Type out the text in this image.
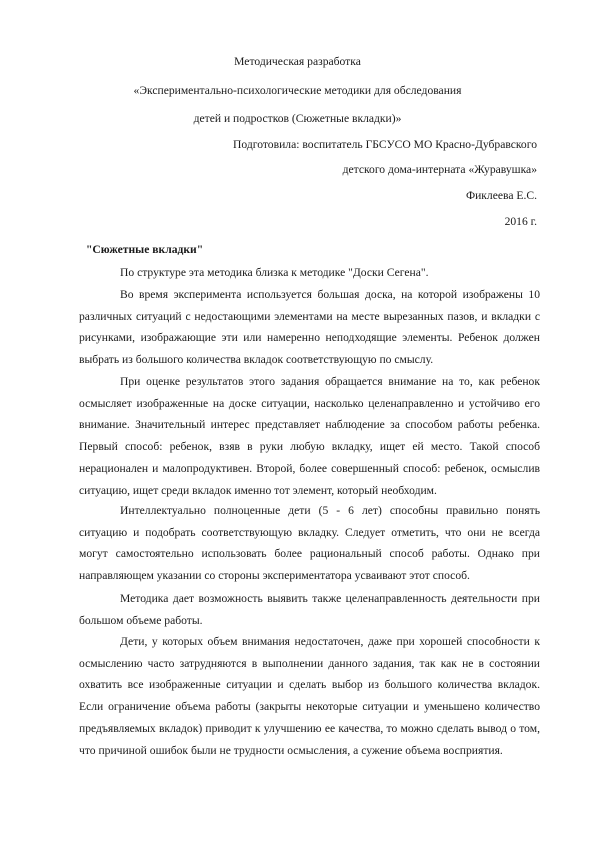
Методическая разработка
«Экспериментально-психологические методики для обследования
детей и подростков (Сюжетные вкладки)»
Подготовила: воспитатель ГБСУСО МО Красно-Дубравского
детского дома-интерната «Журавушка»
Фиклеева Е.С.
2016 г.
"Сюжетные вкладки"

По структуре эта методика близка к методике "Доски Сегена".

Во время эксперимента используется большая доска, на которой изображены 10 различных ситуаций с недостающими элементами на месте вырезанных пазов, и вкладки с рисунками, изображающие эти или намеренно неподходящие элементы. Ребенок должен выбрать из большого количества вкладок соответствующую по смыслу.

При оценке результатов этого задания обращается внимание на то, как ребенок осмысляет изображенные на доске ситуации, насколько целенаправленно и устойчиво его внимание. Значительный интерес представляет наблюдение за способом работы ребенка. Первый способ: ребенок, взяв в руки любую вкладку, ищет ей место. Такой способ нерационален и малопродуктивен. Второй, более совершенный способ: ребенок, осмыслив ситуацию, ищет среди вкладок именно тот элемент, который необходим.

Интеллектуально полноценные дети (5 - 6 лет) способны правильно понять ситуацию и подобрать соответствующую вкладку. Следует отметить, что они не всегда могут самостоятельно использовать более рациональный способ работы. Однако при направляющем указании со стороны экспериментатора усваивают этот способ.

Методика дает возможность выявить также целенаправленность деятельности при большом объеме работы.

Дети, у которых объем внимания недостаточен, даже при хорошей способности к осмыслению часто затрудняются в выполнении данного задания, так как не в состоянии охватить все изображенные ситуации и сделать выбор из большого количества вкладок. Если ограничение объема работы (закрыты некоторые ситуации и уменьшено количество предъявляемых вкладок) приводит к улучшению ее качества, то можно сделать вывод о том, что причиной ошибок были не трудности осмысления, а сужение объема восприятия.
